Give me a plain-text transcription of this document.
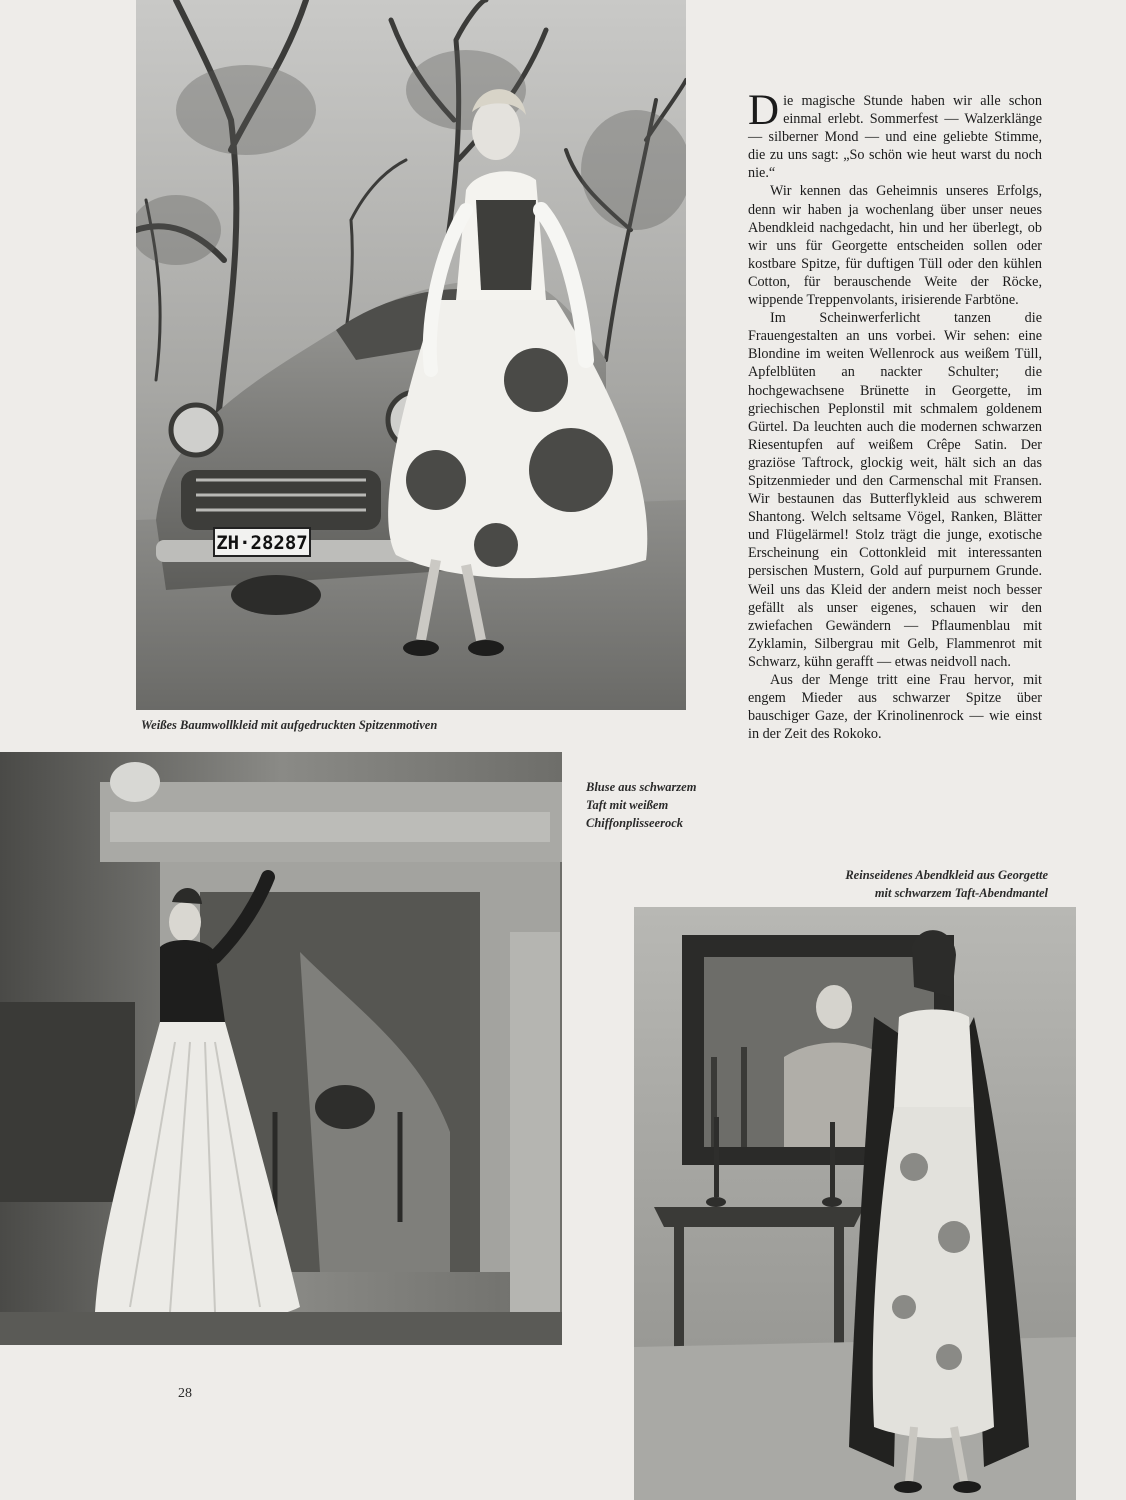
ZH·28287
Weißes Baumwollkleid mit aufgedruckten Spitzenmotiven

Die magische Stunde haben wir alle schon einmal erlebt. Sommerfest — Walzerklänge — silberner Mond — und eine geliebte Stimme, die zu uns sagt: „So schön wie heut warst du noch nie.“

Wir kennen das Geheimnis unseres Erfolgs, denn wir haben ja wochenlang über unser neues Abendkleid nachgedacht, hin und her überlegt, ob wir uns für Georgette entscheiden sollen oder kostbare Spitze, für duftigen Tüll oder den kühlen Cotton, für berauschende Weite der Röcke, wippende Treppenvolants, irisierende Farbtöne.

Im Scheinwerferlicht tanzen die Frauengestalten an uns vorbei. Wir sehen: eine Blondine im weiten Wellenrock aus weißem Tüll, Apfelblüten an nackter Schulter; die hochgewachsene Brünette in Georgette, im griechischen Peplonstil mit schmalem goldenem Gürtel. Da leuchten auch die modernen schwarzen Riesentupfen auf weißem Crêpe Satin. Der graziöse Taftrock, glockig weit, hält sich an das Spitzenmieder und den Carmenschal mit Fransen. Wir bestaunen das Butterflykleid aus schwerem Shantong. Welch seltsame Vögel, Ranken, Blätter und Flügelärmel! Stolz trägt die junge, exotische Erscheinung ein Cottonkleid mit interessanten persischen Mustern, Gold auf purpurnem Grunde. Weil uns das Kleid der andern meist noch besser gefällt als unser eigenes, schauen wir den zwiefachen Gewändern — Pflaumenblau mit Zyklamin, Silbergrau mit Gelb, Flammenrot mit Schwarz, kühn gerafft — etwas neidvoll nach.

Aus der Menge tritt eine Frau hervor, mit engem Mieder aus schwarzer Spitze über bauschiger Gaze, der Krinolinenrock — wie einst in der Zeit des Rokoko.

Bluse aus schwarzem
Taft mit weißem
Chiffonplisseerock
Reinseidenes Abendkleid aus Georgette
mit schwarzem Taft-Abendmantel
28
